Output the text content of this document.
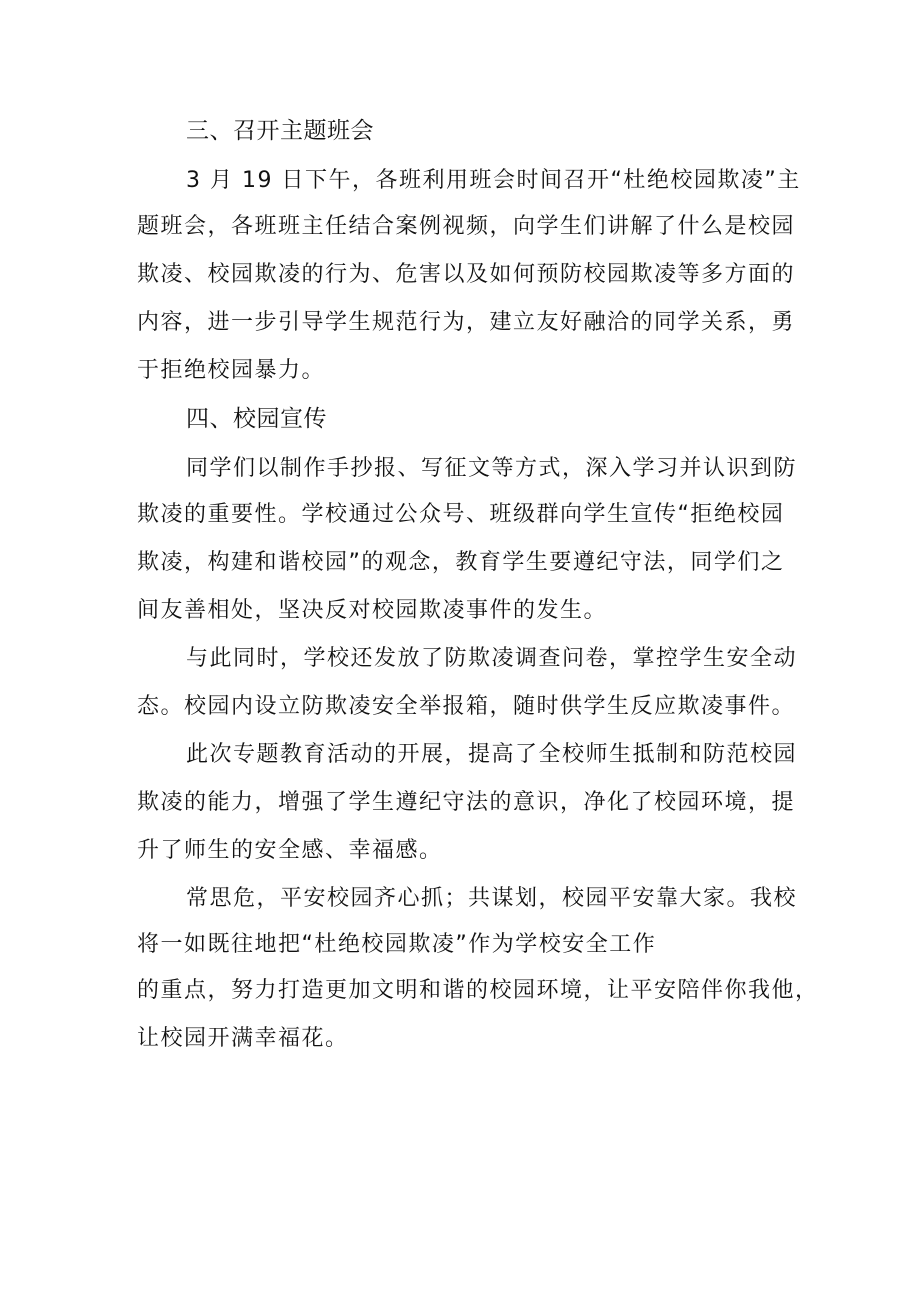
三、召开主题班会
3 月 19 日下午，各班利用班会时间召开“杜绝校园欺凌”主
题班会，各班班主任结合案例视频，向学生们讲解了什么是校园
欺凌、校园欺凌的行为、危害以及如何预防校园欺凌等多方面的
内容，进一步引导学生规范行为，建立友好融洽的同学关系，勇
于拒绝校园暴力。
四、校园宣传
同学们以制作手抄报、写征文等方式，深入学习并认识到防
欺凌的重要性。学校通过公众号、班级群向学生宣传“拒绝校园
欺凌，构建和谐校园”的观念，教育学生要遵纪守法，同学们之
间友善相处，坚决反对校园欺凌事件的发生。
与此同时，学校还发放了防欺凌调查问卷，掌控学生安全动
态。校园内设立防欺凌安全举报箱，随时供学生反应欺凌事件。
此次专题教育活动的开展，提高了全校师生抵制和防范校园
欺凌的能力，增强了学生遵纪守法的意识，净化了校园环境，提
升了师生的安全感、幸福感。
常思危，平安校园齐心抓；共谋划，校园平安靠大家。我校
将一如既往地把“杜绝校园欺凌”作为学校安全工作
的重点，努力打造更加文明和谐的校园环境，让平安陪伴你我他，
让校园开满幸福花。
